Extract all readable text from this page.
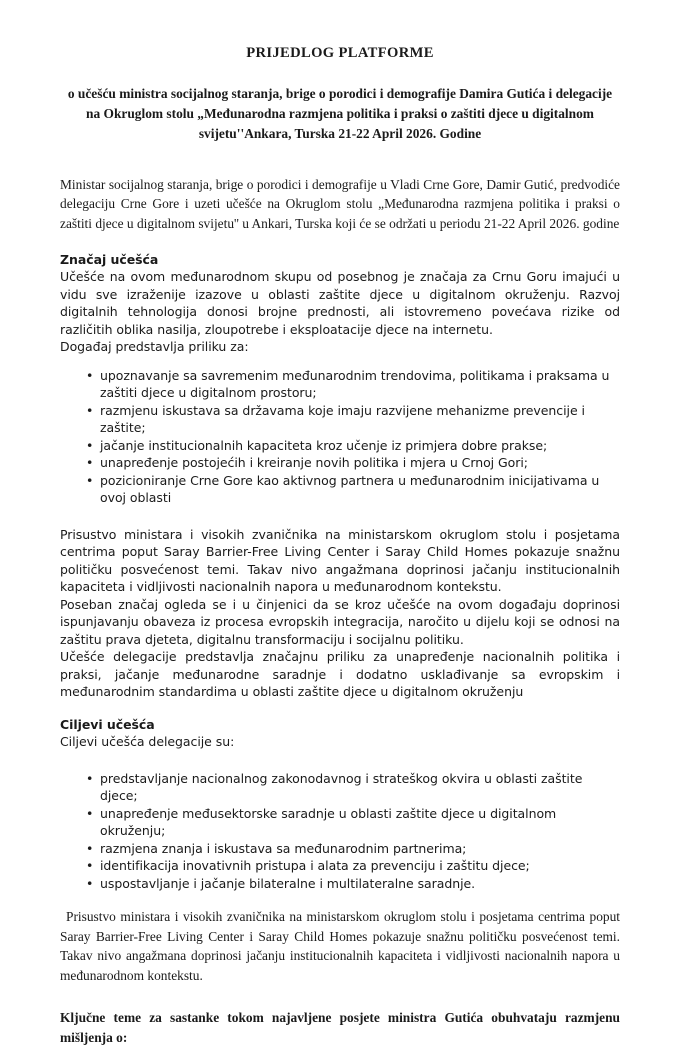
PRIJEDLOG PLATFORME
o učešću ministra socijalnog staranja, brige o porodici i demografije Damira Gutića i delegacije na Okruglom stolu „Međunarodna razmjena politika i praksi o zaštiti djece u digitalnom svijetu''Ankara, Turska 21-22 April 2026. Godine

Ministar socijalnog staranja, brige o porodici i demografije u Vladi Crne Gore, Damir Gutić, predvodiće delegaciju Crne Gore i uzeti učešće na Okruglom stolu „Međunarodna razmjena politika i praksi o zaštiti djece u digitalnom svijetu'' u Ankari, Turska koji će se održati u periodu 21-22 April 2026. godine

Značaj učešća

Učešće na ovom međunarodnom skupu od posebnog je značaja za Crnu Goru imajući u vidu sve izraženije izazove u oblasti zaštite djece u digitalnom okruženju. Razvoj digitalnih tehnologija donosi brojne prednosti, ali istovremeno povećava rizike od različitih oblika nasilja, zloupotrebe i eksploatacije djece na internetu.

Događaj predstavlja priliku za:

• upoznavanje sa savremenim međunarodnim trendovima, politikama i praksama u zaštiti djece u digitalnom prostoru;
• razmjenu iskustava sa državama koje imaju razvijene mehanizme prevencije i zaštite;
• jačanje institucionalnih kapaciteta kroz učenje iz primjera dobre prakse;
• unapređenje postojećih i kreiranje novih politika i mjera u Crnoj Gori;
• pozicioniranje Crne Gore kao aktivnog partnera u međunarodnim inicijativama u ovoj oblasti

Prisustvo ministara i visokih zvaničnika na ministarskom okruglom stolu i posjetama centrima poput Saray Barrier-Free Living Center i Saray Child Homes pokazuje snažnu političku posvećenost temi. Takav nivo angažmana doprinosi jačanju institucionalnih kapaciteta i vidljivosti nacionalnih napora u međunarodnom kontekstu.

Poseban značaj ogleda se i u činjenici da se kroz učešće na ovom događaju doprinosi ispunjavanju obaveza iz procesa evropskih integracija, naročito u dijelu koji se odnosi na zaštitu prava djeteta, digitalnu transformaciju i socijalnu politiku.

Učešće delegacije predstavlja značajnu priliku za unapređenje nacionalnih politika i praksi, jačanje međunarodne saradnje i dodatno usklađivanje sa evropskim i međunarodnim standardima u oblasti zaštite djece u digitalnom okruženju

Ciljevi učešća

Ciljevi učešća delegacije su:

• predstavljanje nacionalnog zakonodavnog i strateškog okvira u oblasti zaštite djece;
• unapređenje međusektorske saradnje u oblasti zaštite djece u digitalnom okruženju;
• razmjena znanja i iskustava sa međunarodnim partnerima;
• identifikacija inovativnih pristupa i alata za prevenciju i zaštitu djece;
• uspostavljanje i jačanje bilateralne i multilateralne saradnje.

Prisustvo ministara i visokih zvaničnika na ministarskom okruglom stolu i posjetama centrima poput Saray Barrier-Free Living Center i Saray Child Homes pokazuje snažnu političku posvećenost temi. Takav nivo angažmana doprinosi jačanju institucionalnih kapaciteta i vidljivosti nacionalnih napora u međunarodnom kontekstu.

Ključne teme za sastanke tokom najavljene posjete ministra Gutića obuhvataju razmjenu mišljenja o:
